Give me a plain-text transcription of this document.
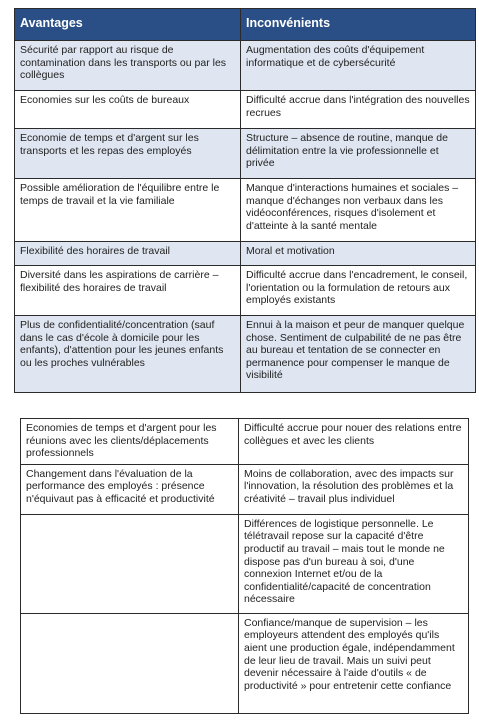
Avantages	Inconvénients
Sécurité par rapport au risque de contamination dans les transports ou par les collègues	Augmentation des coûts d'équipement informatique et de cybersécurité
Economies sur les coûts de bureaux	Difficulté accrue dans l'intégration des nouvelles recrues
Economie de temps et d'argent sur les transports et les repas des employés	Structure – absence de routine, manque de délimitation entre la vie professionnelle et privée
Possible amélioration de l'équilibre entre le temps de travail et la vie familiale	Manque d'interactions humaines et sociales – manque d'échanges non verbaux dans les vidéoconférences, risques d'isolement et d'atteinte à la santé mentale
Flexibilité des horaires de travail	Moral et motivation
Diversité dans les aspirations de carrière – flexibilité des horaires de travail	Difficulté accrue dans l'encadrement, le conseil, l'orientation ou la formulation de retours aux employés existants
Plus de confidentialité/concentration (sauf dans le cas d'école à domicile pour les enfants), d'attention pour les jeunes enfants ou les proches vulnérables	Ennui à la maison et peur de manquer quelque chose. Sentiment de culpabilité de ne pas être au bureau et tentation de se connecter en permanence pour compenser le manque de visibilité
Economies de temps et d'argent pour les réunions avec les clients/déplacements professionnels	Difficulté accrue pour nouer des relations entre collègues et avec les clients
Changement dans l'évaluation de la performance des employés : présence n'équivaut pas à efficacité et productivité	Moins de collaboration, avec des impacts sur l'innovation, la résolution des problèmes et la créativité – travail plus individuel
	Différences de logistique personnelle. Le télétravail repose sur la capacité d'être productif au travail – mais tout le monde ne dispose pas d'un bureau à soi, d'une connexion Internet et/ou de la confidentialité/capacité de concentration nécessaire
	Confiance/manque de supervision – les employeurs attendent des employés qu'ils aient une production égale, indépendamment de leur lieu de travail. Mais un suivi peut devenir nécessaire à l'aide d'outils « de productivité » pour entretenir cette confiance
